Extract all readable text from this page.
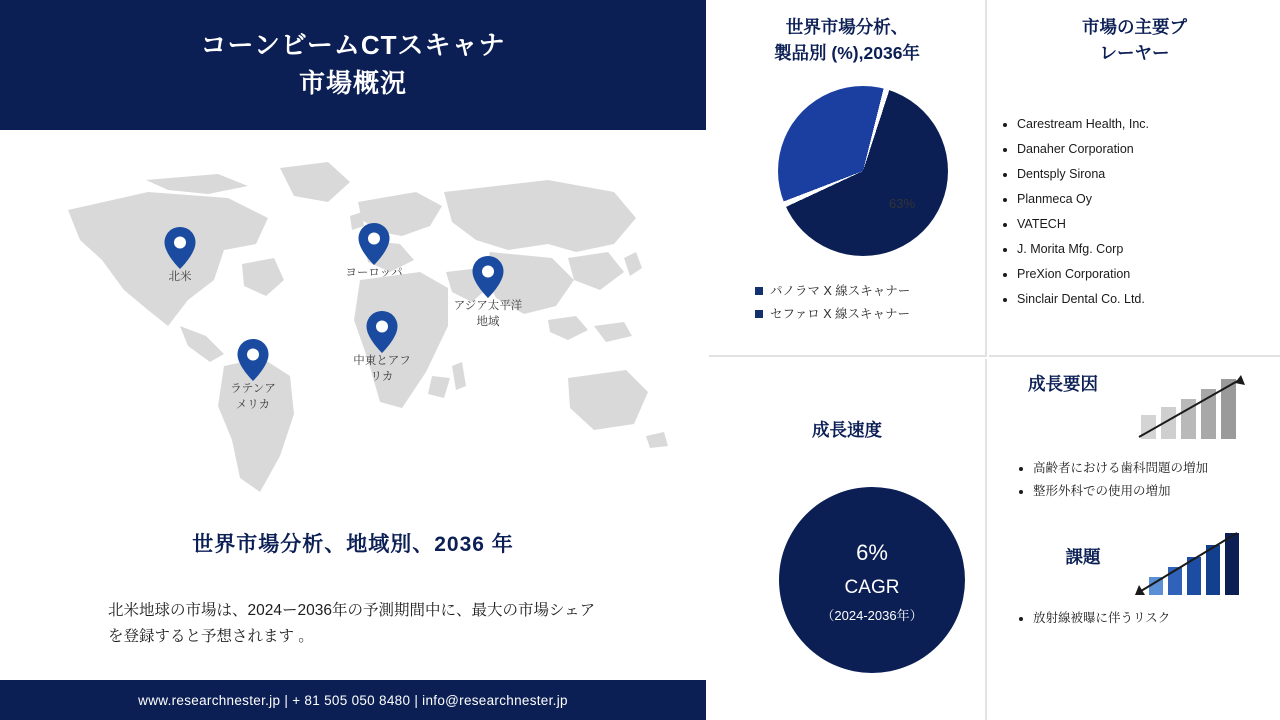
コーンビームCTスキャナ
市場概況
北米	ヨーロッパ
アジア太平洋地域
中東とアフリカ
ラテンアメリカ
世界市場分析、地域別、2036 年
北米地球の市場は、2024ー2036年の予測期間中に、最大の市場シェアを登録すると予想されます 。
www.researchnester.jp | + 81 505 050 8480 | info@researchnester.jp
世界市場分析、
製品別 (%),2036年
63%
パノラマ X 線スキャナー
セファロ X 線スキャナー
市場の主要プ
レーヤー
• Carestream Health, Inc.
• Danaher Corporation
• Dentsply Sirona
• Planmeca Oy
• VATECH
• J. Morita Mfg. Corp
• PreXion Corporation
• Sinclair Dental Co. Ltd.
成長速度
6%
CAGR
（2024-2036年）
成長要因
• 高齢者における歯科問題の増加
• 整形外科での使用の増加
課題
• 放射線被曝に伴うリスク
